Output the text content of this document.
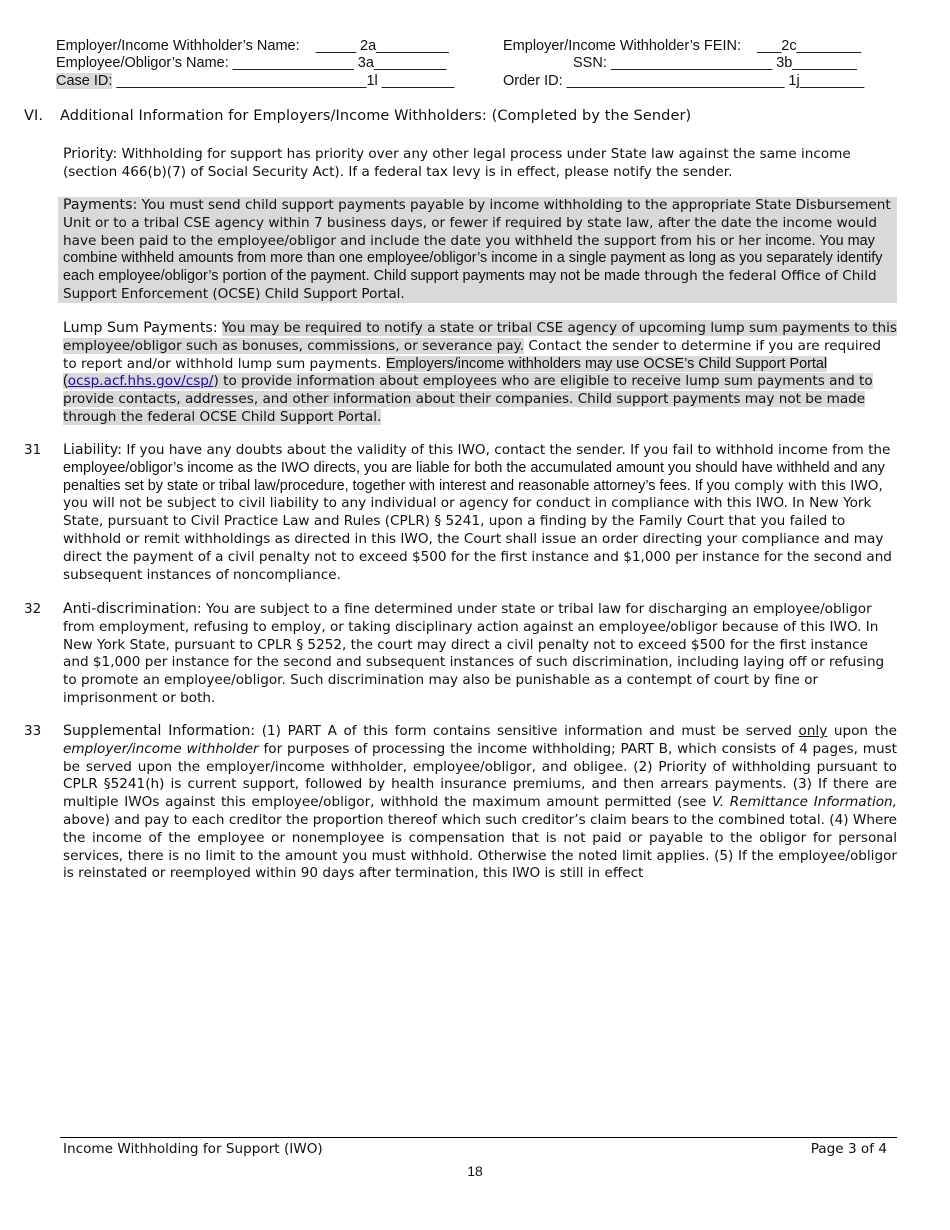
Employer/Income Withholder’s Name: _____ 2a_________	Employer/Income Withholder’s FEIN: ___2c________
Employee/Obligor’s Name: _______________ 3a_________	SSN: ____________________ 3b________
Case ID: _______________________________1l _________	Order ID: ___________________________ 1j________
VI. Additional Information for Employers/Income Withholders: (Completed by the Sender)
Priority: Withholding for support has priority over any other legal process under State law against the same income (section 466(b)(7) of Social Security Act). If a federal tax levy is in effect, please notify the sender.
Payments: You must send child support payments payable by income withholding to the appropriate State Disbursement Unit or to a tribal CSE agency within 7 business days, or fewer if required by state law, after the date the income would have been paid to the employee/obligor and include the date you withheld the support from his or her income. You may combine withheld amounts from more than one employee/obligor’s income in a single payment as long as you separately identify each employee/obligor’s portion of the payment. Child support payments may not be made through the federal Office of Child Support Enforcement (OCSE) Child Support Portal.
Lump Sum Payments: You may be required to notify a state or tribal CSE agency of upcoming lump sum payments to this employee/obligor such as bonuses, commissions, or severance pay. Contact the sender to determine if you are required to report and/or withhold lump sum payments. Employers/income withholders may use OCSE’s Child Support Portal (ocsp.acf.hhs.gov/csp/) to provide information about employees who are eligible to receive lump sum payments and to provide contacts, addresses, and other information about their companies. Child support payments may not be made through the federal OCSE Child Support Portal.
31 Liability: If you have any doubts about the validity of this IWO, contact the sender. If you fail to withhold income from the employee/obligor’s income as the IWO directs, you are liable for both the accumulated amount you should have withheld and any penalties set by state or tribal law/procedure, together with interest and reasonable attorney’s fees. If you comply with this IWO, you will not be subject to civil liability to any individual or agency for conduct in compliance with this IWO. In New York State, pursuant to Civil Practice Law and Rules (CPLR) § 5241, upon a finding by the Family Court that you failed to withhold or remit withholdings as directed in this IWO, the Court shall issue an order directing your compliance and may direct the payment of a civil penalty not to exceed $500 for the first instance and $1,000 per instance for the second and subsequent instances of noncompliance.
32 Anti-discrimination: You are subject to a fine determined under state or tribal law for discharging an employee/obligor from employment, refusing to employ, or taking disciplinary action against an employee/obligor because of this IWO. In New York State, pursuant to CPLR § 5252, the court may direct a civil penalty not to exceed $500 for the first instance and $1,000 per instance for the second and subsequent instances of such discrimination, including laying off or refusing to promote an employee/obligor. Such discrimination may also be punishable as a contempt of court by fine or imprisonment or both.
33 Supplemental Information: (1) PART A of this form contains sensitive information and must be served only upon the employer/income withholder for purposes of processing the income withholding; PART B, which consists of 4 pages, must be served upon the employer/income withholder, employee/obligor, and obligee. (2) Priority of withholding pursuant to CPLR §5241(h) is current support, followed by health insurance premiums, and then arrears payments. (3) If there are multiple IWOs against this employee/obligor, withhold the maximum amount permitted (see V. Remittance Information, above) and pay to each creditor the proportion thereof which such creditor’s claim bears to the combined total. (4) Where the income of the employee or nonemployee is compensation that is not paid or payable to the obligor for personal services, there is no limit to the amount you must withhold. Otherwise the noted limit applies. (5) If the employee/obligor is reinstated or reemployed within 90 days after termination, this IWO is still in effect
Income Withholding for Support (IWO)	Page 3 of 4
18
